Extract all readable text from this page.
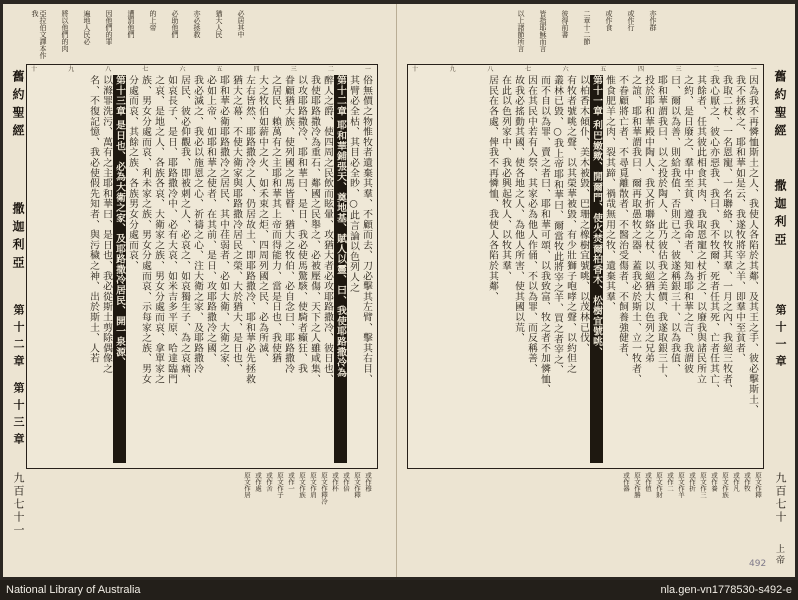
亞拉伯文譯本作我	將以他們的肉 遍地人民必 因他們的罪 遭罰他們 的上帝 必助他們 亦必拯救 猶大人民 必居其中
十	九	八	七	六	五	四	三	二	一
俗無價之物惟牧者遺棄其羣、不顧而去、刀必擊其左臂、擊其右目、
其臂必全枯、其目必全眇、○此言論以色列人之
第十二章 耶和華鋪張天、奠地基、賦人以靈、曰、我使耶路撒冷為
醉人之爵、使四周之民飲而眩暈、攻猶大者必攻耶路撒冷、彼日也、
我使耶路撒冷為重石、鄰國之民舉之、必被壓傷、天下之人雖咸集、
以攻耶路撒冷、耶和華曰、是日、我必使馬驚駭、使騎者癲狂、我
眷顧猶大族、使列國之馬皆瞽、猶大之牧伯、必自念曰、耶路撒冷
之居民、賴萬有之主耶和華其上帝而得能力、當是日也、我使猶
大之牧伯如薪中之火、如禾束之炬、四周列國之民、必為所滅、
左右皆然、耶路撒冷之人、仍居故土、即耶路撒冷、耶和華必先拯救
猶大之幕、不使大衛家與耶路撒冷居民之榮、大於猶大、是日也、
耶和華必衛耶路撒冷之居民、其中荏弱者、必如大衛、大衛之家、
必如上帝、如耶和華之使者、在其前、是日、攻耶路撒冷之國、
我必滅之、我必以施恩之心、祈禱之心、注大衛之家、及耶路撒冷
居民、彼必仰觀我、即被刺之人、必哀之、如哀獨生子、為之哀痛、
如哀長子、是日、耶路撒冷中、必有大哀、如米吉多平原、哈達臨門
之哀、是地之人、各族各哀、大衛家之族、男女分處而哀、拿單家之
族、男女分處而哀、利未家之族、男女分處而哀、示每家之族、男女
分處而哀、其餘之族、各族男女分處而哀、
第十三章 是日也、必為大衛之家、及耶路撒冷居民、開一泉源、
以滌罪洗污、萬有之主耶和華曰、是日也、我必從斯土剪除偶像之
名、不復記憶、我必使假先知者、與污穢之神、出於斯土、人若
舊約聖經
撒迦利亞
第十二章 第十三章
或作穆
原文作釋
或作倍
或作杯
原文作釋冷
原文作肩
原文作族
或作一
原文作子
或作舍
或作處
原文作居
九百七十一
以上諸節所言 皆指耶穌而言 彼得前書 二章十二節 或作食 或作行 亦作群
十	九	八	七	六	五	四	三	二	一
因為我不再憐恤斯土之人、我使人各陷於其鄰、及其王之手、彼必擊斯土、
我不拯救之、耶和華如是云、我遂牧將宰之羊、即羣中至貧者、
我取二杖、一名恩寵、一名聯絡、以牧其羣、一月之內、我絕三牧者、
我心厭之、彼心亦惡我、我曰、我不牧爾、死者任其死、亡者任其亡、
其餘者、任其彼此相食其肉、我取恩寵之杖折之、以廢我與諸民所立
之約、是日廢之、羣中至貧、遵我命者、知為耶和華之言、我謂彼
曰、爾以為善、則給我值、否則已之、彼遂稱銀三十、以為我值、
耶和華謂我曰、以之投於陶人、此乃彼估我之美價、我遂取銀三十、
投於耶和華殿中陶人、我又折聯絡之杖、以絕猶大以色列之兄弟
之誼、耶和華謂我曰、爾再取愚牧之器、蓋我必於斯土、立一牧者、
不眷顧將亡者、不尋覓離散者、不醫治受傷者、不飼養強健者、
惟食肥羊之肉、裂其蹄、禍哉無用之牧、遺棄其羣、
第十一章 利巴嫩歟、開爾門、使火焚爾柏香木、松樹宜號咷、
以柏香木傾仆、美木被毀、巴珊之橡樹宜號咷、以茂林已伐、
有牧者號咷之聲、以其榮華被毀、有少壯獅子咆哮之聲、以約但之
叢林已毀、○我上帝耶和華曰、爾當牧此將宰之羊、買之者宰之、
而不自以為罪、賣之者曰、耶和華可頌、以我致富、牧之者不加憐恤、
因在其民中若有人祭、其家必為他人作俑、不以為罪、而反稱善、
故我必搖動其國、使各地之人、為他人所害、使其國以荒、
在此以色列家中、我必興起牧人、以牧其羣、
居民在各處、俾我不再憐恤、我使人各陷於其鄰、	舊約聖經
撒迦利亞
第十一章
原文作釋
或作牧
或作凡
原文作族
或作養
原文作三
或作折
原文作羊
或作二
原文作財
或作值
原文作勝
或作器	九百七十
上帝
492
National Library of Australia	nla.gen-vn1778530-s492-e
